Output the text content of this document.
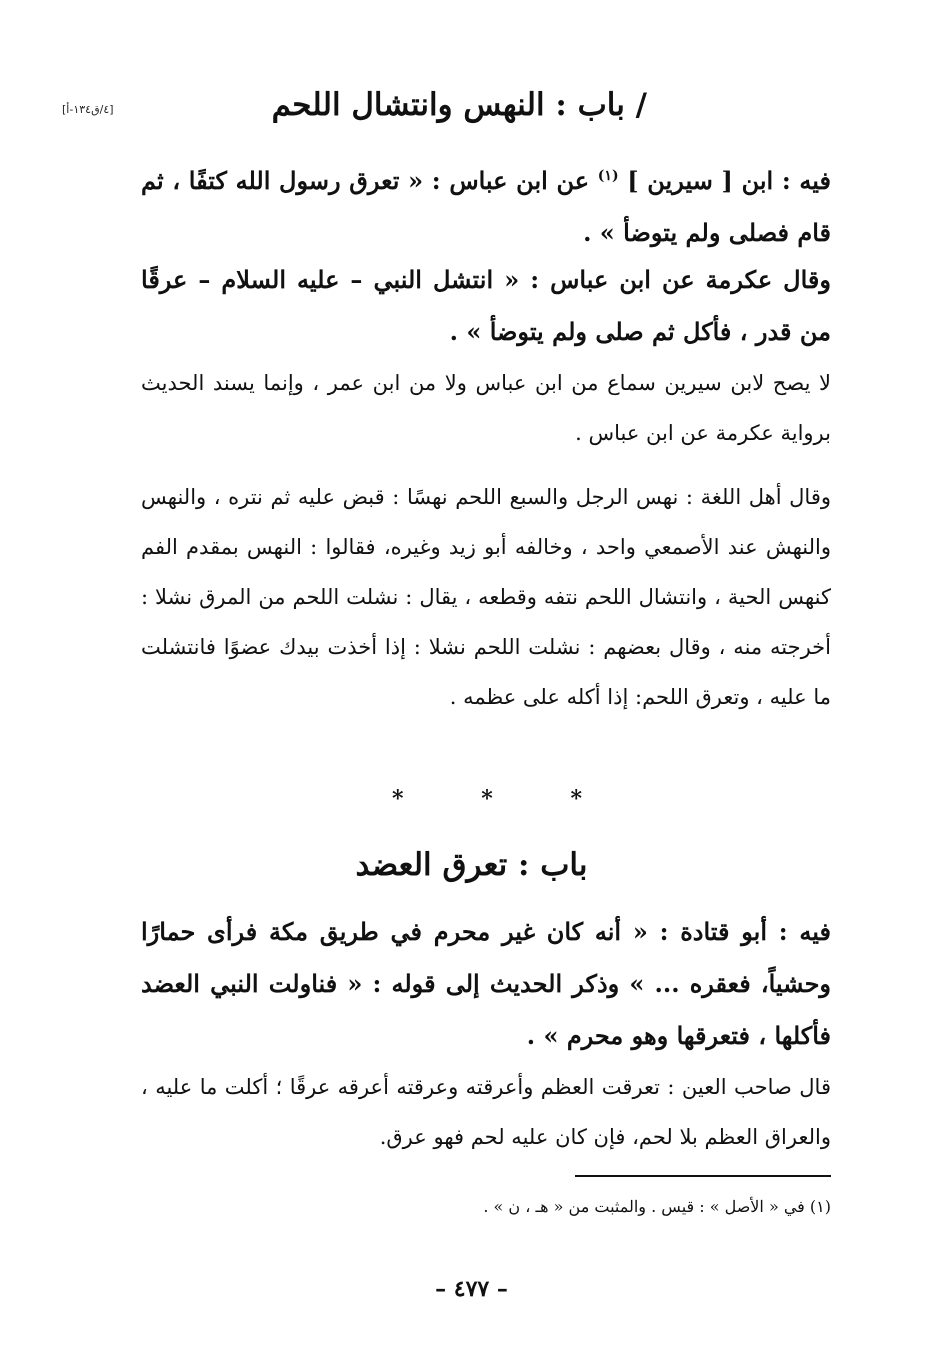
[٤/ق١٣٤-أ]	/ باب : النهس وانتشال اللحم

فيه : ابن [ سيرين ] $^{(١)}$ عن ابن عباس : « تعرق رسول الله كتفًا ، ثم قام فصلى ولم يتوضأ » .

وقال عكرمة عن ابن عباس : « انتشل النبي – عليه السلام – عرقًا من قدر ، فأكل ثم صلى ولم يتوضأ » .

لا يصح لابن سيرين سماع من ابن عباس ولا من ابن عمر ، وإنما يسند الحديث برواية عكرمة عن ابن عباس .

وقال أهل اللغة : نهس الرجل والسبع اللحم نهسًا : قبض عليه ثم نتره ، والنهس والنهش عند الأصمعي واحد ، وخالفه أبو زيد وغيره، فقالوا : النهس بمقدم الفم كنهس الحية ، وانتشال اللحم نتفه وقطعه ، يقال : نشلت اللحم من المرق نشلا : أخرجته منه ، وقال بعضهم : نشلت اللحم نشلا : إذا أخذت بيدك عضوًا فانتشلت ما عليه ، وتعرق اللحم: إذا أكله على عظمه .

*	*	*
باب : تعرق العضد

فيه : أبو قتادة : « أنه كان غير محرم في طريق مكة فرأى حمارًا وحشياً، فعقره ... » وذكر الحديث إلى قوله : « فناولت النبي العضد فأكلها ، فتعرقها وهو محرم » .

قال صاحب العين : تعرقت العظم وأعرقته وعرقته أعرقه عرقًا ؛ أكلت ما عليه ، والعراق العظم بلا لحم، فإن كان عليه لحم فهو عرق.

(١) في « الأصل » : قيس . والمثبت من « هـ ، ن » .

– ٤٧٧ –
